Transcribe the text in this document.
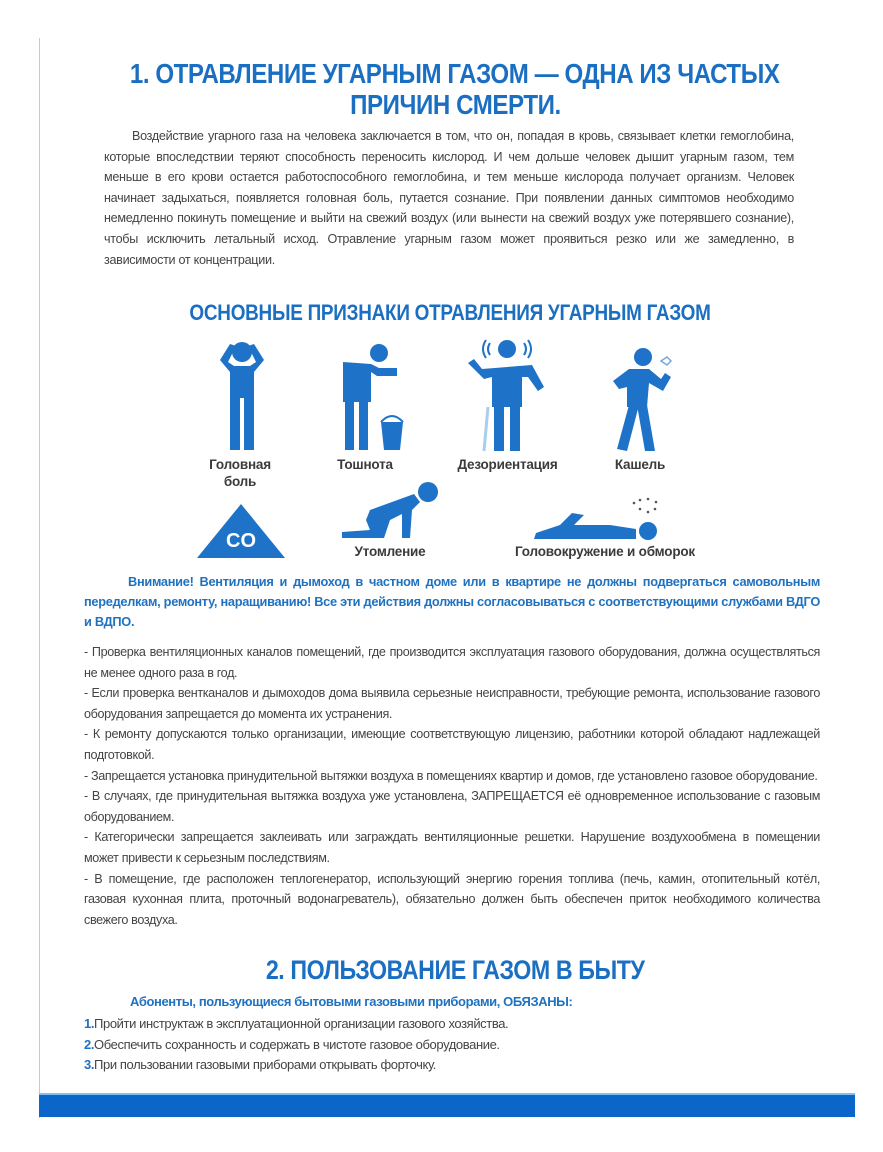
1. ОТРАВЛЕНИЕ УГАРНЫМ ГАЗОМ — ОДНА ИЗ ЧАСТЫХ
ПРИЧИН СМЕРТИ.
Воздействие угарного газа на человека заключается в том, что он, попадая в кровь, связывает клетки гемоглобина, которые впоследствии теряют способность переносить кислород. И чем дольше человек дышит угарным газом, тем меньше в его крови остается работоспособного гемоглобина, и тем меньше кислорода получает организм. Человек начинает задыхаться, появляется головная боль, путается сознание. При появлении данных симптомов необходимо немедленно покинуть помещение и выйти на свежий воздух (или вынести на свежий воздух уже потерявшего сознание), чтобы исключить летальный исход. Отравление угарным газом может проявиться резко или же замедленно, в зависимости от концентрации.
ОСНОВНЫЕ ПРИЗНАКИ ОТРАВЛЕНИЯ УГАРНЫМ ГАЗОМ
Головная боль
Тошнота	Дезориентация	Кашель
CO	Утомление	Головокружение и обморок
Внимание! Вентиляция и дымоход в частном доме или в квартире не должны подвергаться самовольным переделкам, ремонту, наращиванию! Все эти действия должны согласовываться с соответствующими службами ВДГО и ВДПО.

- Проверка вентиляционных каналов помещений, где производится эксплуатация газового оборудования, должна осуществляться не менее одного раза в год.

- Если проверка вентканалов и дымоходов дома выявила серьезные неисправности, требующие ремонта, использование газового оборудования запрещается до момента их устранения.

- К ремонту допускаются только организации, имеющие соответствующую лицензию, работники которой обладают надлежащей подготовкой.

- Запрещается установка принудительной вытяжки воздуха в помещениях квартир и домов, где установлено газовое оборудование.

- В случаях, где принудительная вытяжка воздуха уже установлена, ЗАПРЕЩАЕТСЯ её одновременное использование с газовым оборудованием.

- Категорически запрещается заклеивать или заграждать вентиляционные решетки. Нарушение воздухообмена в помещении может привести к серьезным последствиям.

- В помещение, где расположен теплогенератор, использующий энергию горения топлива (печь, камин, отопительный котёл, газовая кухонная плита, проточный водонагреватель), обязательно должен быть обеспечен приток необходимого количества свежего воздуха.

2. ПОЛЬЗОВАНИЕ ГАЗОМ В БЫТУ
Абоненты, пользующиеся бытовыми газовыми приборами, ОБЯЗАНЫ:

1.Пройти инструктаж в эксплуатационной организации газового хозяйства.

2.Обеспечить сохранность и содержать в чистоте газовое оборудование.

3.При пользовании газовыми приборами открывать форточку.
